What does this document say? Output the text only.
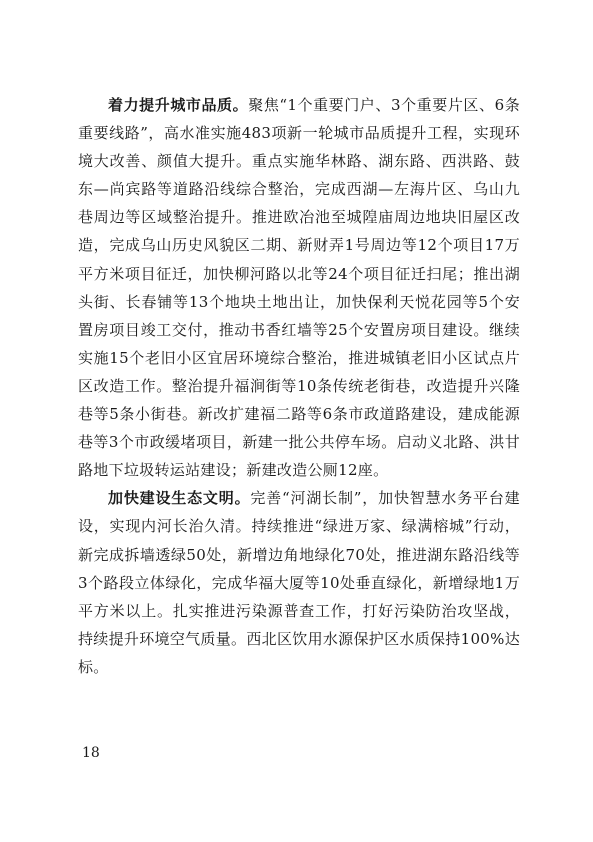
着力提升城市品质。聚焦“1个重要门户、3个重要片区、6条重要线路”，高水准实施483项新一轮城市品质提升工程，实现环境大改善、颜值大提升。重点实施华林路、湖东路、西洪路、鼓东—尚宾路等道路沿线综合整治，完成西湖—左海片区、乌山九巷周边等区域整治提升。推进欧冶池至城隍庙周边地块旧屋区改造，完成乌山历史风貌区二期、新财弄1号周边等12个项目17万平方米项目征迁，加快柳河路以北等24个项目征迁扫尾；推出湖头街、长春铺等13个地块土地出让，加快保利天悦花园等5个安置房项目竣工交付，推动书香红墙等25个安置房项目建设。继续实施15个老旧小区宜居环境综合整治，推进城镇老旧小区试点片区改造工作。整治提升福涧街等10条传统老街巷，改造提升兴隆巷等5条小街巷。新改扩建福二路等6条市政道路建设，建成能源巷等3个市政缓堵项目，新建一批公共停车场。启动义北路、洪甘路地下垃圾转运站建设；新建改造公厕12座。

加快建设生态文明。完善“河湖长制”，加快智慧水务平台建设，实现内河长治久清。持续推进“绿进万家、绿满榕城”行动，新完成拆墙透绿50处，新增边角地绿化70处，推进湖东路沿线等3个路段立体绿化，完成华福大厦等10处垂直绿化，新增绿地1万平方米以上。扎实推进污染源普查工作，打好污染防治攻坚战，持续提升环境空气质量。西北区饮用水源保护区水质保持100%达标。

18
